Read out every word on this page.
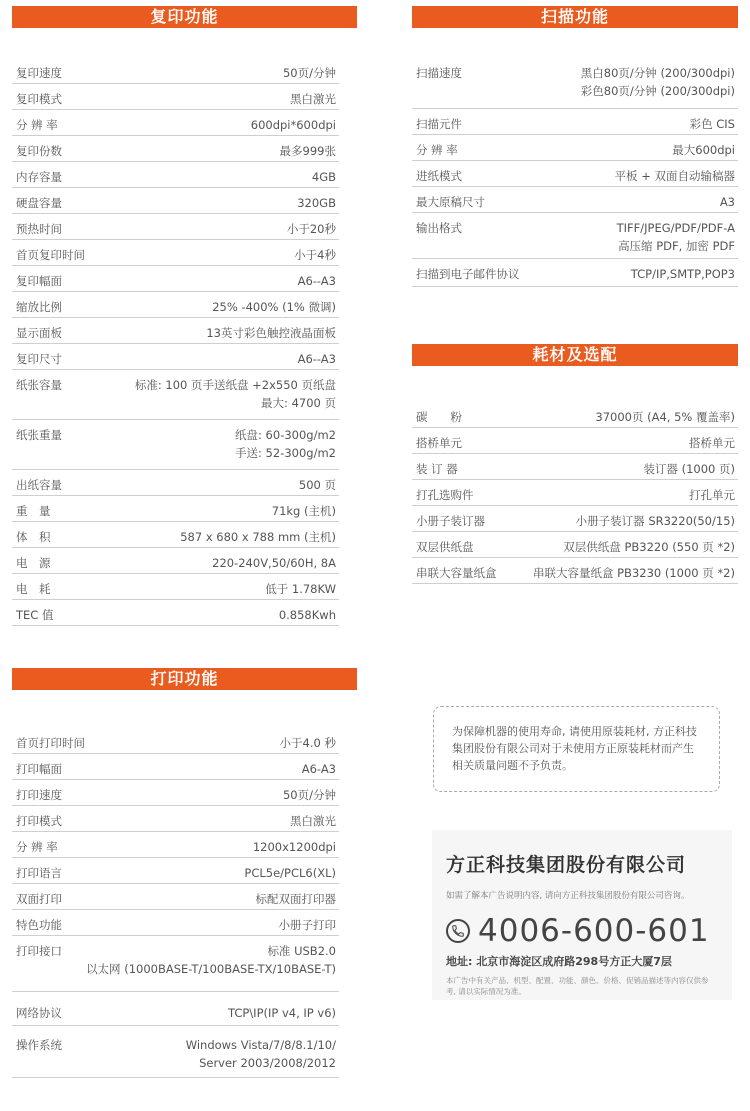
复印功能
复印速度	50页/分钟
复印模式	黑白激光
分 辨 率	600dpi*600dpi
复印份数	最多999张
内存容量	4GB
硬盘容量	320GB
预热时间	小于20秒
首页复印时间	小于4秒
复印幅面	A6--A3
缩放比例	25% -400% (1% 微调)
显示面板	13英寸彩色触控液晶面板
复印尺寸	A6--A3
纸张容量	标准: 100 页手送纸盘 +2x550 页纸盘
最大: 4700 页
纸张重量	纸盘: 60-300g/m2
手送: 52-300g/m2
出纸容量	500 页
重　量	71kg (主机)
体　积	587 x 680 x 788 mm (主机)
电　源	220-240V,50/60H, 8A
电　耗	低于 1.78KW
TEC 值	0.858Kwh
扫描功能
扫描速度	黑白80页/分钟 (200/300dpi)
彩色80页/分钟 (200/300dpi)
扫描元件	彩色 CIS
分 辨 率	最大600dpi
进纸模式	平板 + 双面自动输稿器
最大原稿尺寸	A3
输出格式	TIFF/JPEG/PDF/PDF-A
高压缩 PDF, 加密 PDF
扫描到电子邮件协议	TCP/IP,SMTP,POP3
耗材及选配
碳　　粉	37000页 (A4, 5% 覆盖率)
搭桥单元	搭桥单元
装 订 器	装订器 (1000 页)
打孔选购件	打孔单元
小册子装订器	小册子装订器 SR3220(50/15)
双层供纸盘	双层供纸盘 PB3220 (550 页 *2)
串联大容量纸盒	串联大容量纸盒 PB3230 (1000 页 *2)
打印功能
首页打印时间	小于4.0 秒
打印幅面	A6-A3
打印速度	50页/分钟
打印模式	黑白激光
分 辨 率	1200x1200dpi
打印语言	PCL5e/PCL6(XL)
双面打印	标配双面打印器
特色功能	小册子打印
打印接口	标准 USB2.0
以太网 (1000BASE-T/100BASE-TX/10BASE-T)
网络协议	TCP\IP(IP v4, IP v6)
操作系统	Windows Vista/7/8/8.1/10/
Server 2003/2008/2012
为保障机器的使用寿命, 请使用原装耗材, 方正科技集团股份有限公司对于未使用方正原装耗材而产生相关质量问题不予负责。
方正科技集团股份有限公司
如需了解本广告说明内容, 请向方正科技集团股份有限公司咨询。
4006-600-601
地址: 北京市海淀区成府路298号方正大厦7层
本广告中有关产品、机型、配置、功能、颜色、价格、促销品描述等内容仅供参考, 请以实际情况为准。
